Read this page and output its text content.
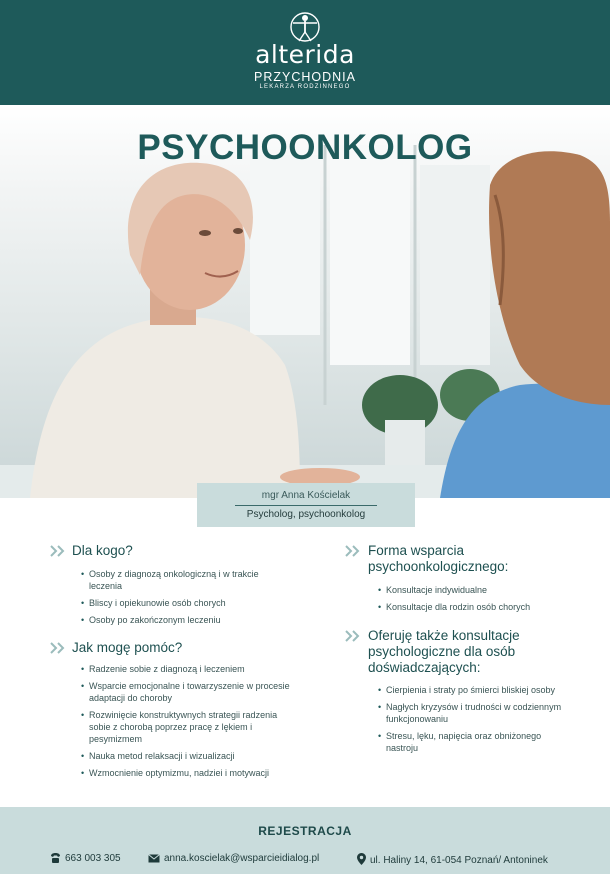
alterida
PRZYCHODNIA
LEKARZA RODZINNEGO
PSYCHOONKOLOG
mgr Anna Kościelak
Psycholog, psychoonkolog
Dla kogo?
• Osoby z diagnozą onkologiczną i w trakcie leczenia
• Bliscy i opiekunowie osób chorych
• Osoby po zakończonym leczeniu
Jak mogę pomóc?
• Radzenie sobie z diagnozą i leczeniem
• Wsparcie emocjonalne i towarzyszenie w procesie adaptacji do choroby
• Rozwinięcie konstruktywnych strategii radzenia sobie z chorobą poprzez pracę z lękiem i pesymizmem
• Nauka metod relaksacji i wizualizacji
• Wzmocnienie optymizmu, nadziei i motywacji
Forma wsparcia psychoonkologicznego:
• Konsultacje indywidualne
• Konsultacje dla rodzin osób chorych
Oferuję także konsultacje psychologiczne dla osób doświadczających:
• Cierpienia i straty po śmierci bliskiej osoby
• Nagłych kryzysów i trudności w codziennym funkcjonowaniu
• Stresu, lęku, napięcia oraz obniżonego nastroju
REJESTRACJA
663 003 305	anna.koscielak@wsparcieidialog.pl	ul. Haliny 14, 61-054 Poznań/ Antoninek
